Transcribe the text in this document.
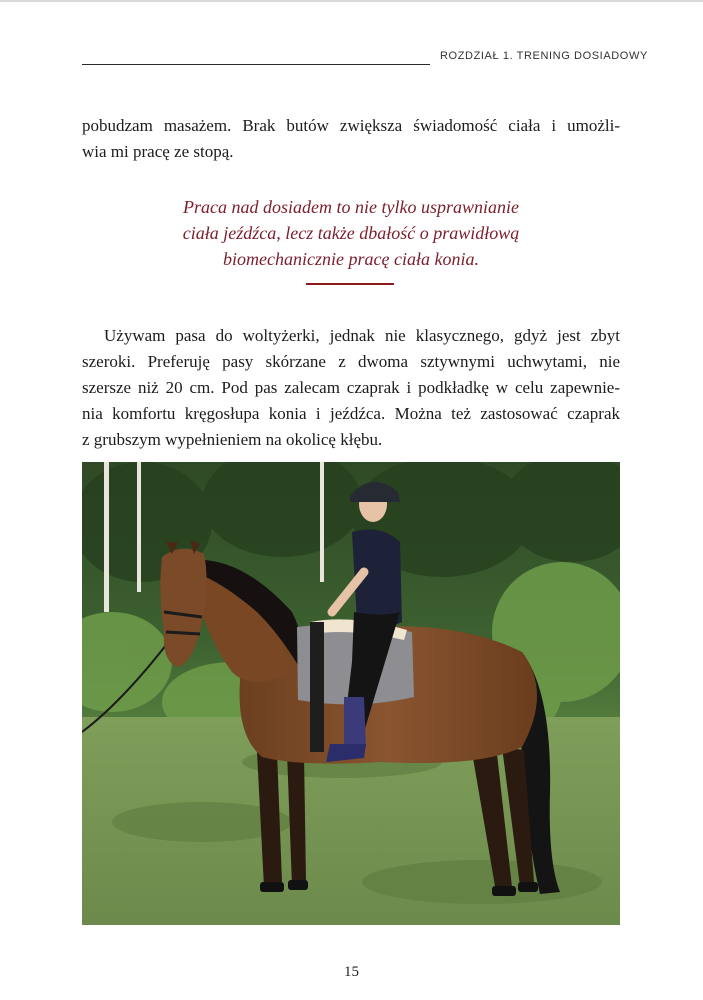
ROZDZIAŁ 1. TRENING DOSIADOWY

pobudzam masażem. Brak butów zwiększa świadomość ciała i umożli-
wia mi pracę ze stopą.

Praca nad dosiadem to nie tylko usprawnianie
ciała jeźdźca, lecz także dbałość o prawidłową
biomechanicznie pracę ciała konia.

Używam pasa do woltyżerki, jednak nie klasycznego, gdyż jest zbyt
szeroki. Preferuję pasy skórzane z dwoma sztywnymi uchwytami, nie
szersze niż 20 cm. Pod pas zalecam czaprak i podkładkę w celu zapewnie-
nia komfortu kręgosłupa konia i jeźdźca. Można też zastosować czaprak
z grubszym wypełnieniem na okolicę kłębu.

15
